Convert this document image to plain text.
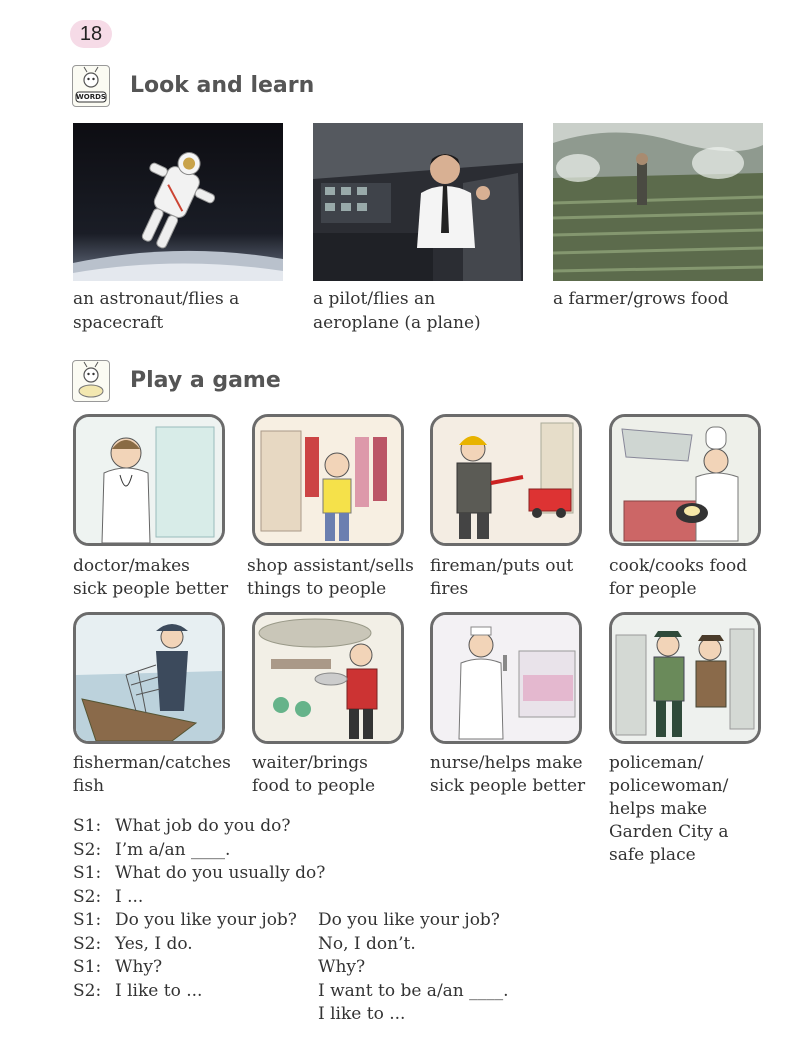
18
WORDS Look and learn
an astronaut/flies a
spacecraft
a pilot/flies an
aeroplane (a plane)
a farmer/grows food
Play a game
doctor/makes
sick people better
shop assistant/sells
things to people
fireman/puts out
fires
cook/cooks food
for people
fisherman/catches
fish
waiter/brings
food to people
nurse/helps make
sick people better
policeman/
policewoman/
helps make
Garden City a
safe place
S1: What job do you do?
S2: I’m a/an ____.
S1: What do you usually do?
S2: I ...
S1: Do you like your job?
S2: Yes, I do.
S1: Why?
S2: I like to ...
Do you like your job?
No, I don’t.
Why?
I want to be a/an ____.
I like to ...
